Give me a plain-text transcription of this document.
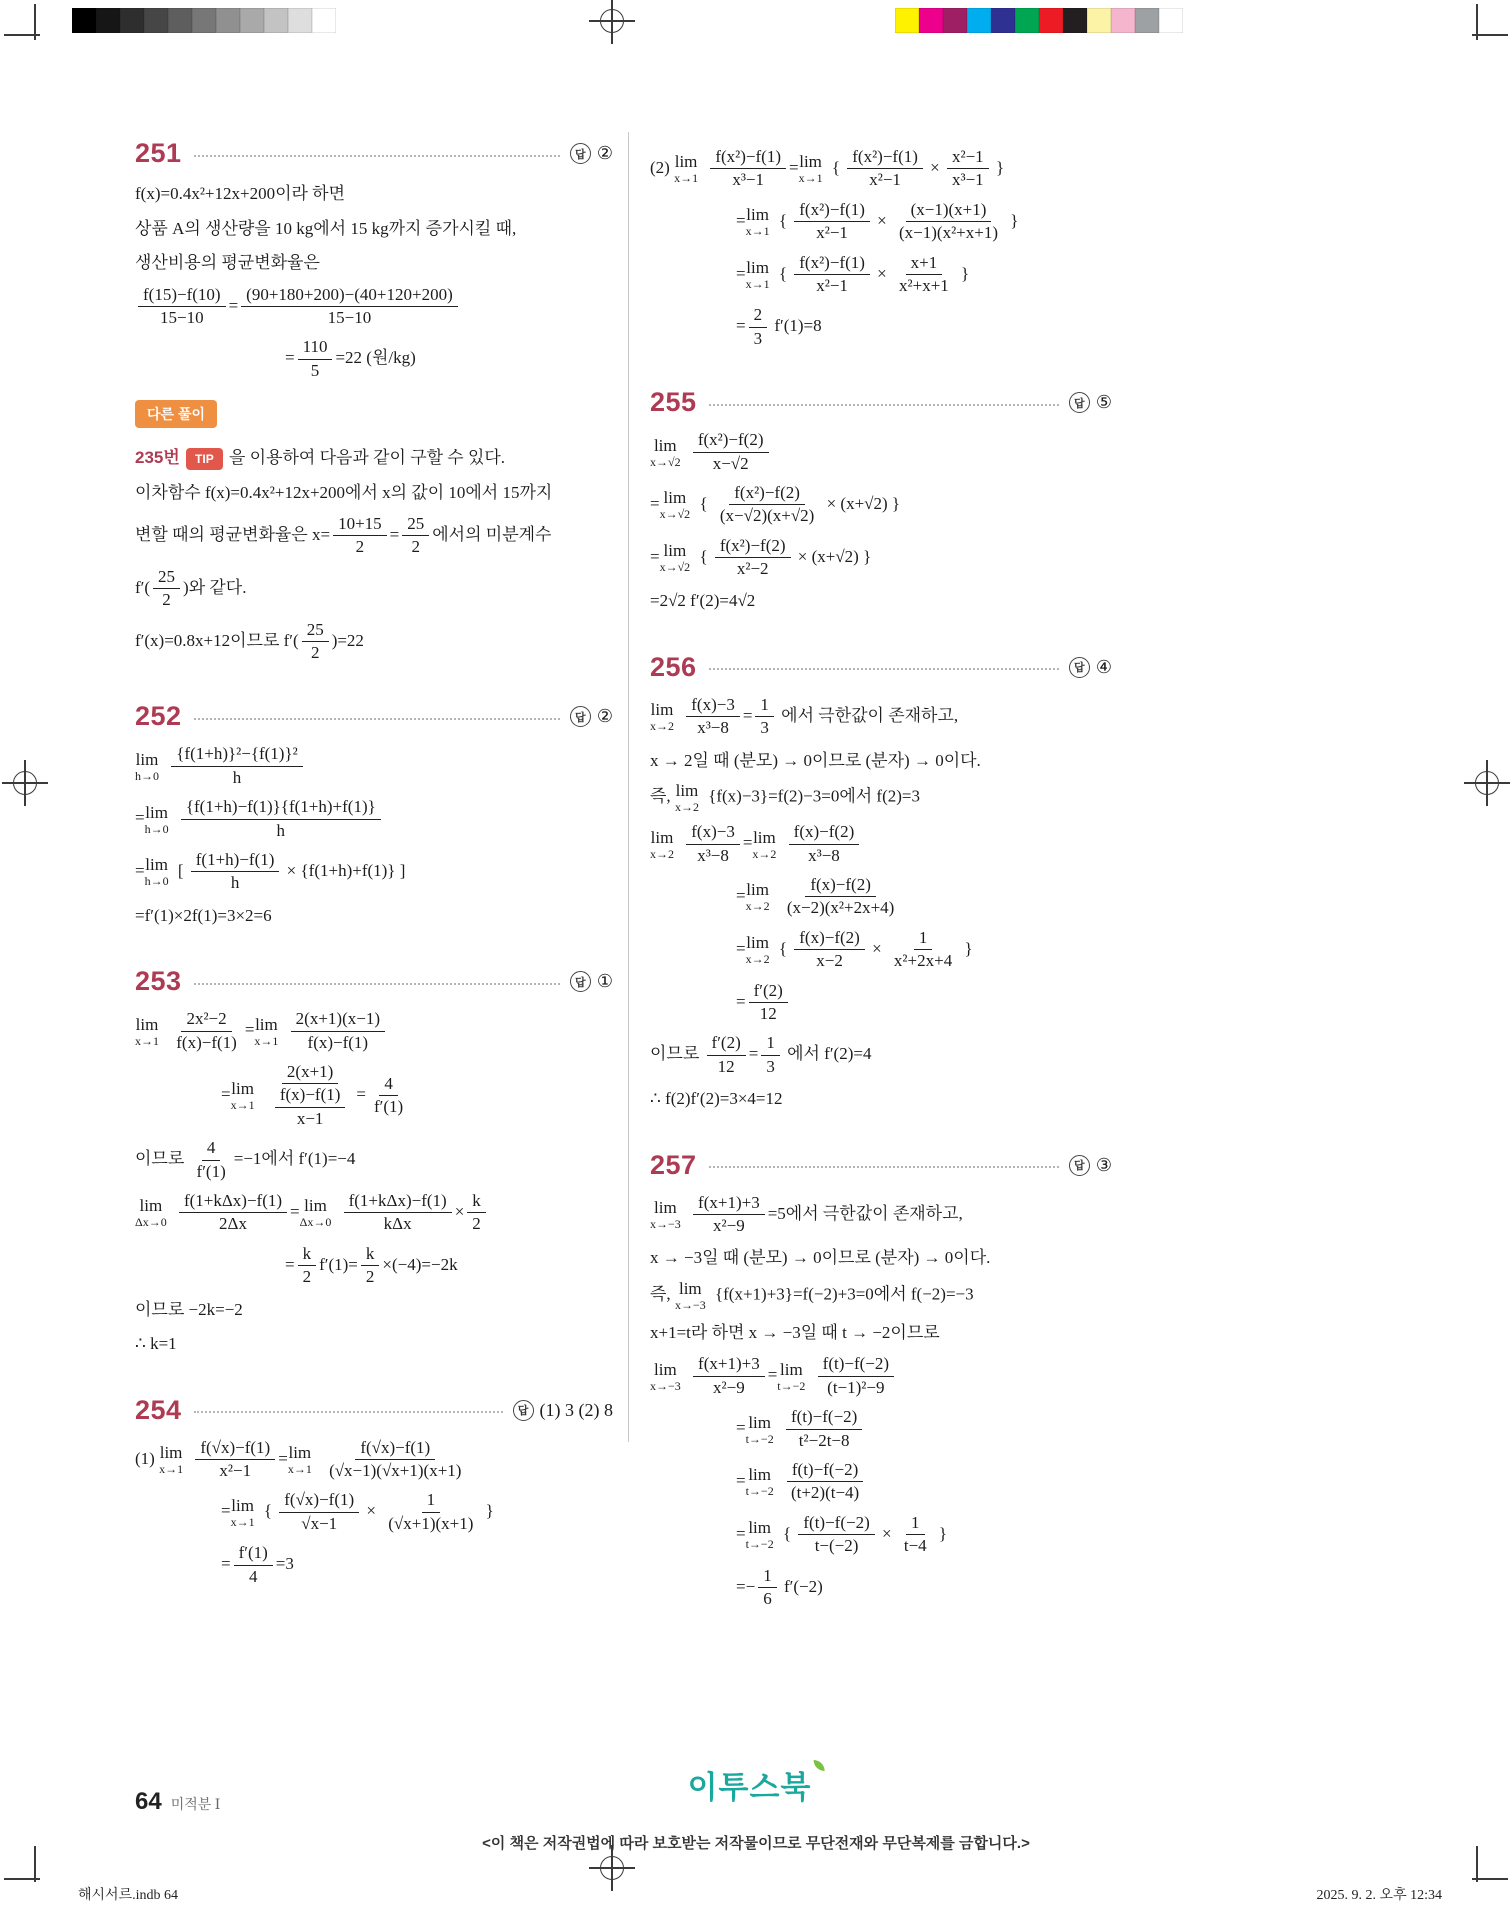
251	답 ②
f(x)=0.4x²+12x+200이라 하면
상품 A의 생산량을 10 kg에서 15 kg까지 증가시킬 때,
생산비용의 평균변화율은
$\frac{f(15)-f(10)}{15-10} = \frac{(90+180+200)-(40+120+200)}{15-10}$
= $\frac{110}{5} =22$ (원/kg)
다른 풀이
235번 TIP 을 이용하여 다음과 같이 구할 수 있다.
이차함수 f(x)=0.4x²+12x+200에서 x의 값이 10에서 15까지
변할 때의 평균변화율은 $x= \frac{10+15}{2} = \frac{25}{2}$ 에서의 미분계수
$f'( \frac{25}{2}$ )와 같다.
f′(x)=0.8x+12이므로 $f'( \frac{25}{2} )=22$
252	답 ②
lim
h→0
$\frac{\text{\{f(1+h)\}²−\{f(1)\}²}}{h}$
= lim
h→0
$\frac{\{f(1+h)-f(1)\}\{f(1+h)+f(1)\}}{h}$
= lim
h→0
[ $\frac{f(1+h)-f(1)}{h} \times \{f(1+h)+f(1)\}$ ]
=f′(1)×2f(1)=3×2=6
253	답 ①
lim
x→1
$\frac{\text{2x²−2}}{f(x)-f(1)} = \lim$
x→1
$\frac{2(x+1)(x-1)}{f(x)-f(1)}$
= lim
x→1
$\frac{2(x+1)}{\frac{f(x)-f(1)}{x-1}} = \frac{4}{f'(1)}$
이므로 $\frac{4}{f'(1)} =-1$에서 f′(1)=−4
lim
Δx→0
$\frac{\text{f(1+kΔx)−f(1)}}{2\Delta x} = \lim$
Δx→0
$\frac{\text{f(1+kΔx)−f(1)}}{\text{kΔx}} \times \frac{k}{2}$
= $\frac{k}{2} f'(1)= \frac{k}{2} \times(-4)=-2k$
이므로 −2k=−2
∴ k=1
254	답 (1) 3 (2) 8
(1) lim
x→1
$\frac{f(√x)-f(1)}{\text{x²−1}} = \lim$
x→1
$\frac{f(√x)-f(1)}{(√x-1)(√x+1)(x+1)}$
= lim
x→1
{ $\frac{f(√x)-f(1)}{√x-1} \times \frac{1}{(√x+1)(x+1)}$ }
= $\frac{f'(1)}{4} =3$
(2) lim
x→1
$\frac{\text{f(x²)−f(1)}}{\text{x³−1}} = \lim$
x→1
{ $\frac{\text{f(x²)−f(1)}}{\text{x²−1}} \times \frac{\text{x²−1}}{\text{x³−1}}$ }
= lim
x→1
{ $\frac{\text{f(x²)−f(1)}}{\text{x²−1}} \times \frac{(x-1)(x+1)}{\text{(x−1)(x²+x+1)}}$ }
= lim
x→1
{ $\frac{\text{f(x²)−f(1)}}{\text{x²−1}} \times \frac{x+1}{\text{x²+x+1}}$ }
= $\frac{2}{3} f'(1)=8$
255	답 ⑤
lim
x→√2
$\frac{\text{f(x²)−f(2)}}{x-√2}$
= lim
x→√2
{ $\frac{\text{f(x²)−f(2)}}{(x-√2)(x+√2)} \times (x+√2)$ }
= lim
x→√2
{ $\frac{\text{f(x²)−f(2)}}{\text{x²−2}} \times (x+√2)$ }
=2√2 f′(2)=4√2
256	답 ④
lim
x→2
$\frac{f(x)-3}{\text{x³−8}} = \frac{1}{3}$ 에서 극한값이 존재하고,
x → 2일 때 (분모) → 0이므로 (분자) → 0이다.
즉, lim
x→2
{f(x)−3}=f(2)−3=0에서 f(2)=3
lim
x→2
$\frac{f(x)-3}{\text{x³−8}} = \lim$
x→2
$\frac{f(x)-f(2)}{\text{x³−8}}$
= lim
x→2
$\frac{f(x)-f(2)}{\text{(x−2)(x²+2x+4)}}$
= lim
x→2
{ $\frac{f(x)-f(2)}{x-2} \times \frac{1}{\text{x²+2x+4}}$ }
= $\frac{f'(2)}{12}$
이므로 $\frac{f'(2)}{12} = \frac{1}{3}$ 에서 f′(2)=4
∴ f(2)f′(2)=3×4=12
257	답 ③
lim
x→−3
$\frac{f(x+1)+3}{\text{x²−9}} =5$에서 극한값이 존재하고,
x → −3일 때 (분모) → 0이므로 (분자) → 0이다.
즉, lim
x→−3
{f(x+1)+3}=f(−2)+3=0에서 f(−2)=−3
x+1=t라 하면 x → −3일 때 t → −2이므로
lim
x→−3
$\frac{f(x+1)+3}{\text{x²−9}} = \lim$
t→−2
$\frac{f(t)-f(-2)}{\text{(t−1)²−9}}$
= lim
t→−2
$\frac{f(t)-f(-2)}{\text{t²−2t−8}}$
= lim
t→−2
$\frac{f(t)-f(-2)}{(t+2)(t-4)}$
= lim
t→−2
{ $\frac{f(t)-f(-2)}{t-(-2)} \times \frac{1}{t-4}$ }
=− $\frac{1}{6} f'(-2)$
64 미적분 Ⅰ
이투스북
<이 책은 저작권법에 따라 보호받는 저작물이므로 무단전재와 무단복제를 금합니다.>
해시서르.indb 64	2025. 9. 2. 오후 12:34
